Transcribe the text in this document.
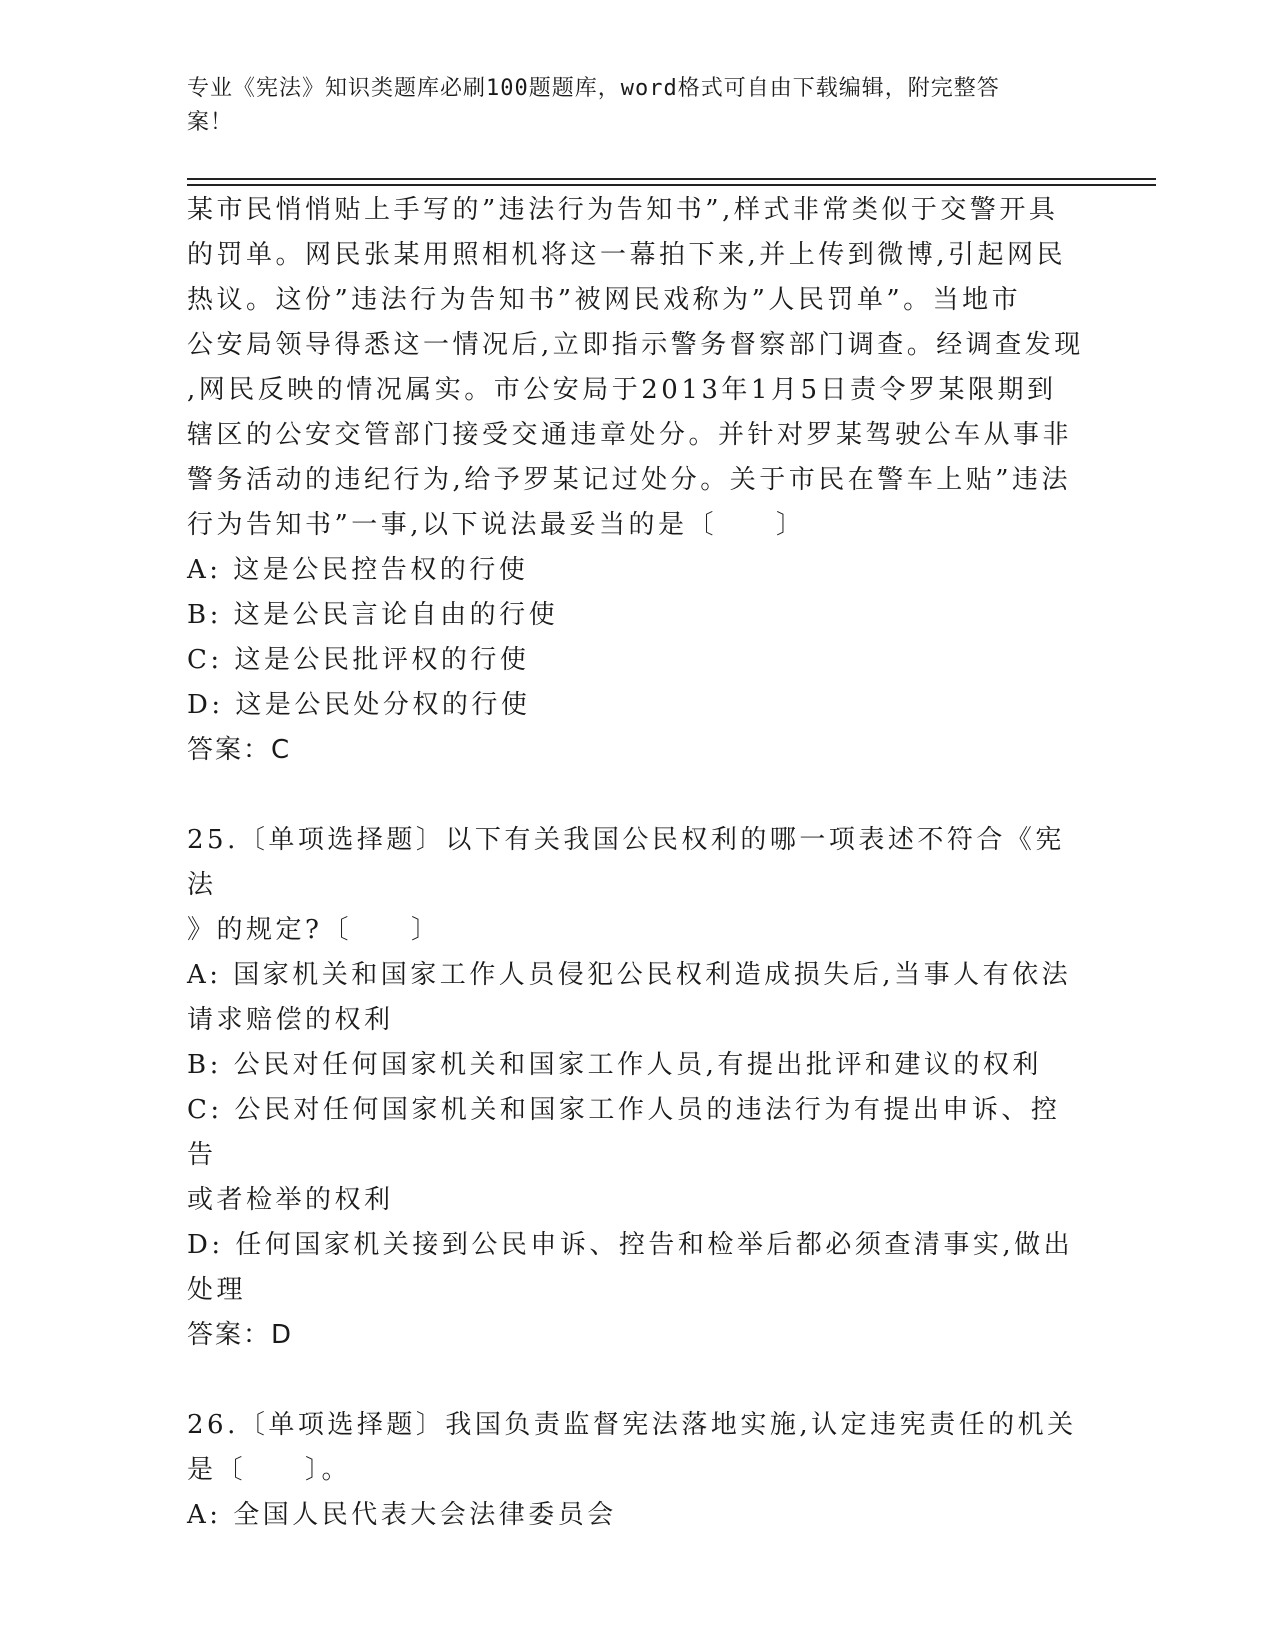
专业《宪法》知识类题库必刷100题题库，word格式可自由下载编辑，附完整答
案！

某市民悄悄贴上手写的”违法行为告知书”,样式非常类似于交警开具

的罚单。网民张某用照相机将这一幕拍下来,并上传到微博,引起网民

热议。这份”违法行为告知书”被网民戏称为”人民罚单”。当地市

公安局领导得悉这一情况后,立即指示警务督察部门调查。经调查发现

,网民反映的情况属实。市公安局于2013年1月5日责令罗某限期到

辖区的公安交管部门接受交通违章处分。并针对罗某驾驶公车从事非

警务活动的违纪行为,给予罗某记过处分。关于市民在警车上贴”违法

行为告知书”一事,以下说法最妥当的是〔　　〕

A: 这是公民控告权的行使

B: 这是公民言论自由的行使

C: 这是公民批评权的行使

D: 这是公民处分权的行使

答案：C

25.〔单项选择题〕以下有关我国公民权利的哪一项表述不符合《宪法

》的规定?〔　　〕

A: 国家机关和国家工作人员侵犯公民权利造成损失后,当事人有依法

请求赔偿的权利

B: 公民对任何国家机关和国家工作人员,有提出批评和建议的权利

C: 公民对任何国家机关和国家工作人员的违法行为有提出申诉、控告

或者检举的权利

D: 任何国家机关接到公民申诉、控告和检举后都必须查清事实,做出

处理

答案：D

26.〔单项选择题〕我国负责监督宪法落地实施,认定违宪责任的机关

是〔　　〕。

A: 全国人民代表大会法律委员会
